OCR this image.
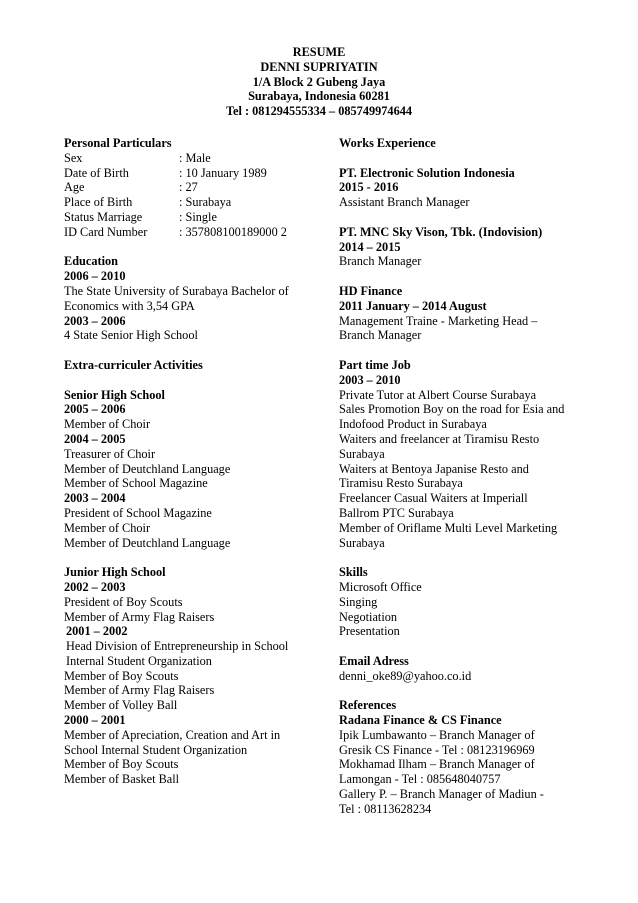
RESUME
DENNI SUPRIYATIN
1/A Block 2 Gubeng Jaya
Surabaya, Indonesia 60281
Tel : 081294555334 – 085749974644
Personal Particulars
Sex	: Male
Date of Birth	: 10 January 1989
Age	: 27
Place of Birth	: Surabaya
Status Marriage	: Single
ID Card Number	: 357808100189000 2
Education
2006 – 2010
The State University of Surabaya Bachelor of
Economics with 3,54 GPA
2003 – 2006
4 State Senior High School
Extra-curriculer Activities
Senior High School
2005 – 2006
Member of Choir
2004 – 2005
Treasurer of Choir
Member of Deutchland Language
Member of School Magazine
2003 – 2004
President of School Magazine
Member of Choir
Member of Deutchland Language
Junior High School
2002 – 2003
President of Boy Scouts
Member of Army Flag Raisers
2001 – 2002
Head Division of Entrepreneurship in School
Internal Student Organization
Member of Boy Scouts
Member of Army Flag Raisers
Member of Volley Ball
2000 – 2001
Member of Apreciation, Creation and Art in
School Internal Student Organization
Member of Boy Scouts
Member of Basket Ball
Works Experience
PT. Electronic Solution Indonesia
2015 - 2016
Assistant Branch Manager
PT. MNC Sky Vison, Tbk. (Indovision)
2014 – 2015
Branch Manager
HD Finance
2011 January – 2014 August
Management Traine - Marketing Head –
Branch Manager
Part time Job
2003 – 2010
Private Tutor at Albert Course Surabaya
Sales Promotion Boy on the road for Esia and
Indofood Product in Surabaya
Waiters and freelancer at Tiramisu Resto
Surabaya
Waiters at Bentoya Japanise Resto and
Tiramisu Resto Surabaya
Freelancer Casual Waiters at Imperiall
Ballrom PTC Surabaya
Member of Oriflame Multi Level Marketing
Surabaya
Skills
Microsoft Office
Singing
Negotiation
Presentation
Email Adress
denni_oke89@yahoo.co.id
References
Radana Finance & CS Finance
Ipik Lumbawanto – Branch Manager of
Gresik CS Finance - Tel : 08123196969
Mokhamad Ilham – Branch Manager of
Lamongan - Tel : 085648040757
Gallery P. – Branch Manager of Madiun -
Tel : 08113628234
